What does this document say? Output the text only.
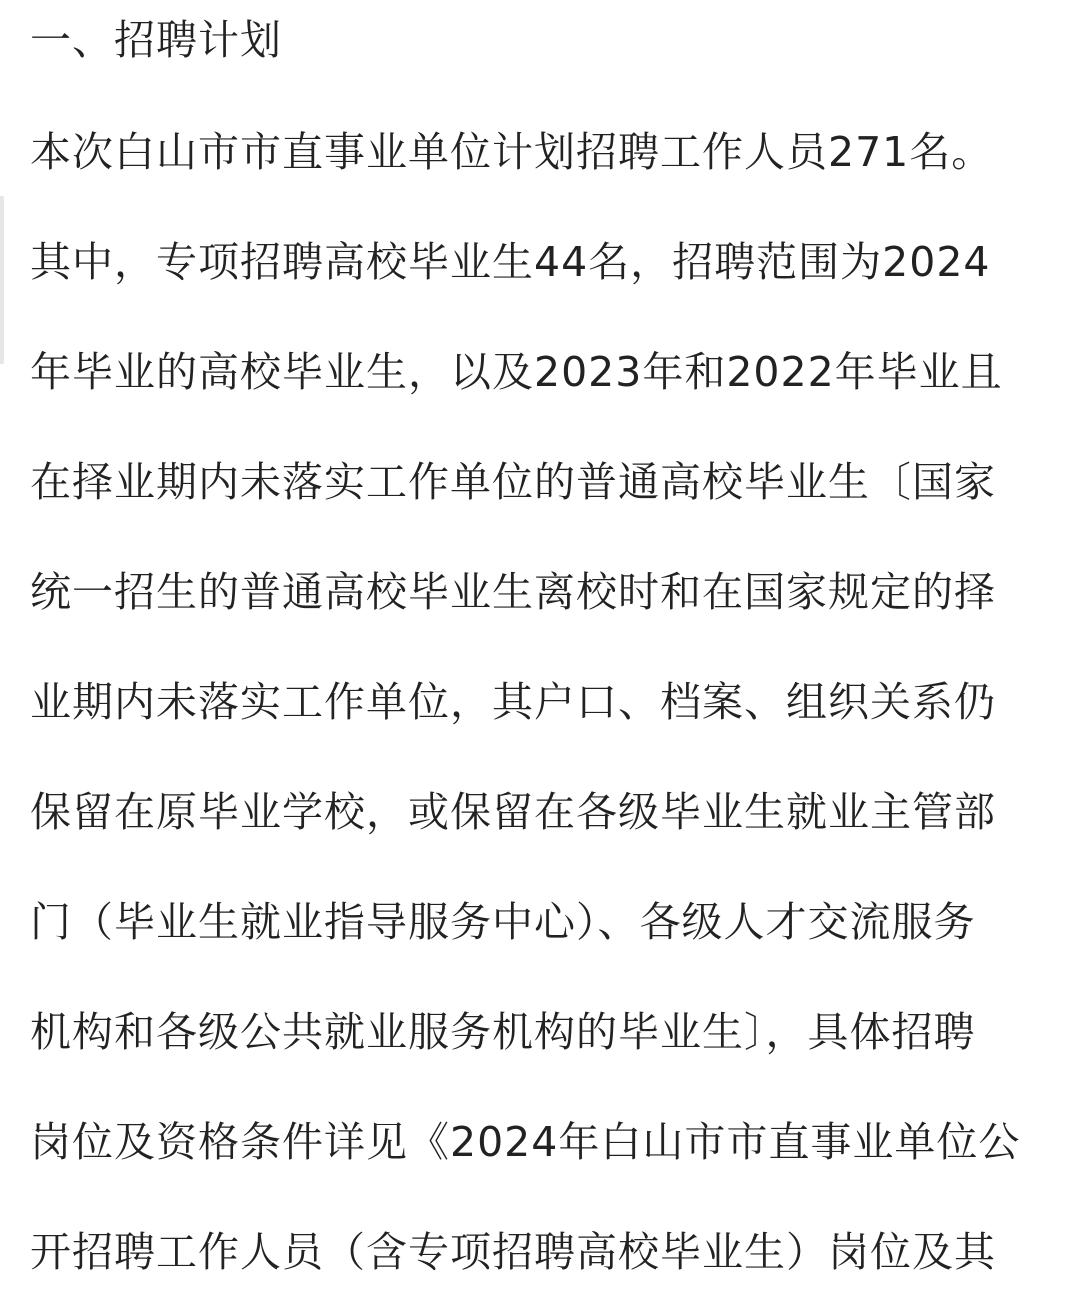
一、招聘计划
本次白山市市直事业单位计划招聘工作人员271名。
其中，专项招聘高校毕业生44名，招聘范围为2024
年毕业的高校毕业生，以及2023年和2022年毕业且
在择业期内未落实工作单位的普通高校毕业生〔国家
统一招生的普通高校毕业生离校时和在国家规定的择
业期内未落实工作单位，其户口、档案、组织关系仍
保留在原毕业学校，或保留在各级毕业生就业主管部
门（毕业生就业指导服务中心）、各级人才交流服务
机构和各级公共就业服务机构的毕业生〕，具体招聘
岗位及资格条件详见《2024年白山市市直事业单位公
开招聘工作人员（含专项招聘高校毕业生）岗位及其
